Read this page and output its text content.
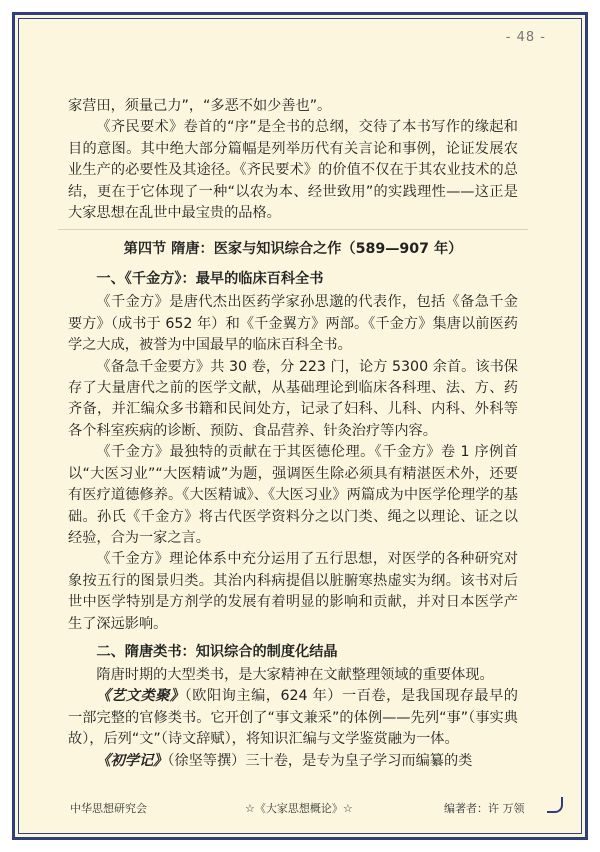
- 48 -

家营田，须量己力”，“多恶不如少善也”。

《齐民要术》卷首的“序”是全书的总纲，交待了本书写作的缘起和目的意图。其中绝大部分篇幅是列举历代有关言论和事例，论证发展农业生产的必要性及其途径。《齐民要术》的价值不仅在于其农业技术的总结，更在于它体现了一种“以农为本、经世致用”的实践理性——这正是大家思想在乱世中最宝贵的品格。

第四节 隋唐：医家与知识综合之作（589—907 年）
一、《千金方》：最早的临床百科全书

《千金方》是唐代杰出医药学家孙思邈的代表作，包括《备急千金要方》（成书于 652 年）和《千金翼方》两部。《千金方》集唐以前医药学之大成，被誉为中国最早的临床百科全书。

《备急千金要方》共 30 卷，分 223 门，论方 5300 余首。该书保存了大量唐代之前的医学文献，从基础理论到临床各科理、法、方、药齐备，并汇编众多书籍和民间处方，记录了妇科、儿科、内科、外科等各个科室疾病的诊断、预防、食品营养、针灸治疗等内容。

《千金方》最独特的贡献在于其医德伦理。《千金方》卷 1 序例首以“大医习业”“大医精诚”为题，强调医生除必须具有精湛医术外，还要有医疗道德修养。《大医精诚》、《大医习业》两篇成为中医学伦理学的基础。孙氏《千金方》将古代医学资料分之以门类、绳之以理论、证之以经验，合为一家之言。

《千金方》理论体系中充分运用了五行思想，对医学的各种研究对象按五行的图景归类。其治内科病提倡以脏腑寒热虚实为纲。该书对后世中医学特别是方剂学的发展有着明显的影响和贡献，并对日本医学产生了深远影响。

二、隋唐类书：知识综合的制度化结晶

隋唐时期的大型类书，是大家精神在文献整理领域的重要体现。

《艺文类聚》（欧阳询主编，624 年）一百卷，是我国现存最早的一部完整的官修类书。它开创了“事文兼采”的体例——先列“事”（事实典故），后列“文”（诗文辞赋），将知识汇编与文学鉴赏融为一体。

《初学记》（徐坚等撰）三十卷，是专为皇子学习而编纂的类

中华思想研究会	☆《大家思想概论》☆	编著者：许 万领
